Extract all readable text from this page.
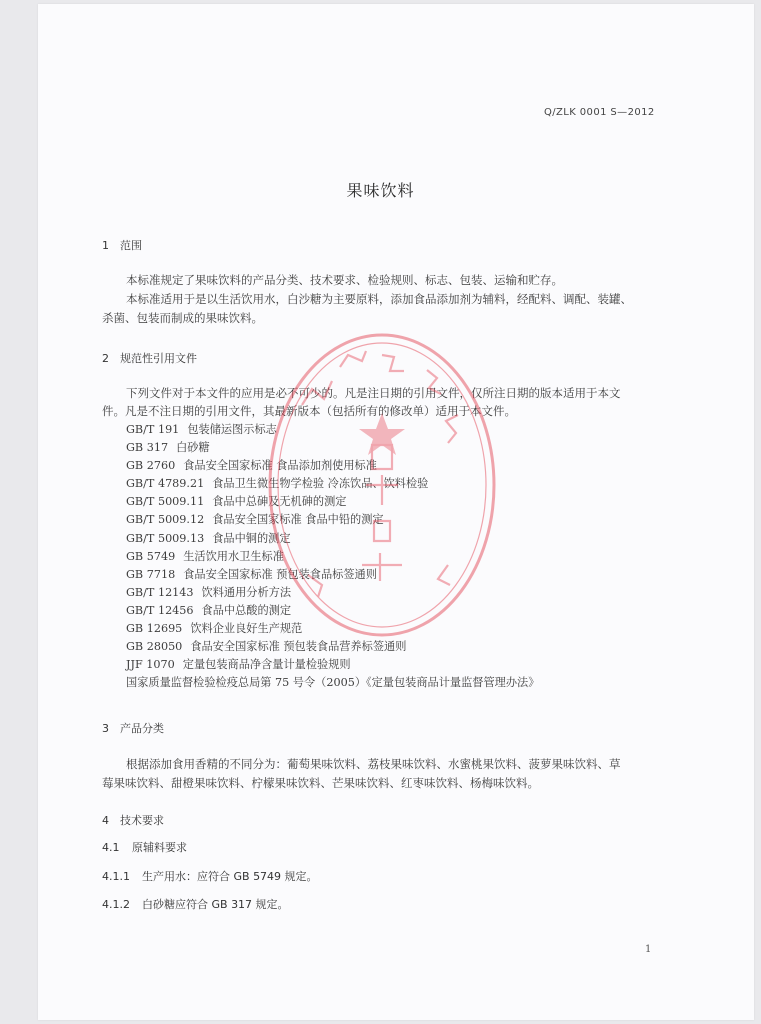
Q/ZLK 0001 S—2012
果味饮料
1 范围
本标准规定了果味饮料的产品分类、技术要求、检验规则、标志、包装、运输和贮存。
本标准适用于是以生活饮用水，白沙糖为主要原料，添加食品添加剂为辅料，经配料、调配、装罐、
杀菌、包装而制成的果味饮料。
2 规范性引用文件
下列文件对于本文件的应用是必不可少的。凡是注日期的引用文件，仅所注日期的版本适用于本文
件。凡是不注日期的引用文件，其最新版本（包括所有的修改单）适用于本文件。
GB/T 191 包装储运图示标志
GB 317 白砂糖
GB 2760 食品安全国家标准 食品添加剂使用标准
GB/T 4789.21 食品卫生微生物学检验 冷冻饮品、饮料检验
GB/T 5009.11 食品中总砷及无机砷的测定
GB/T 5009.12 食品安全国家标准 食品中铅的测定
GB/T 5009.13 食品中铜的测定
GB 5749 生活饮用水卫生标准
GB 7718 食品安全国家标准 预包装食品标签通则
GB/T 12143 饮料通用分析方法
GB/T 12456 食品中总酸的测定
GB 12695 饮料企业良好生产规范
GB 28050 食品安全国家标准 预包装食品营养标签通则
JJF 1070 定量包装商品净含量计量检验规则
国家质量监督检验检疫总局第 75 号令（2005）《定量包装商品计量监督管理办法》
3 产品分类
根据添加食用香精的不同分为：葡萄果味饮料、荔枝果味饮料、水蜜桃果饮料、菠萝果味饮料、草
莓果味饮料、甜橙果味饮料、柠檬果味饮料、芒果味饮料、红枣味饮料、杨梅味饮料。
4 技术要求
4.1 原辅料要求
4.1.1 生产用水：应符合 GB 5749 规定。
4.1.2 白砂糖应符合 GB 317 规定。
1
